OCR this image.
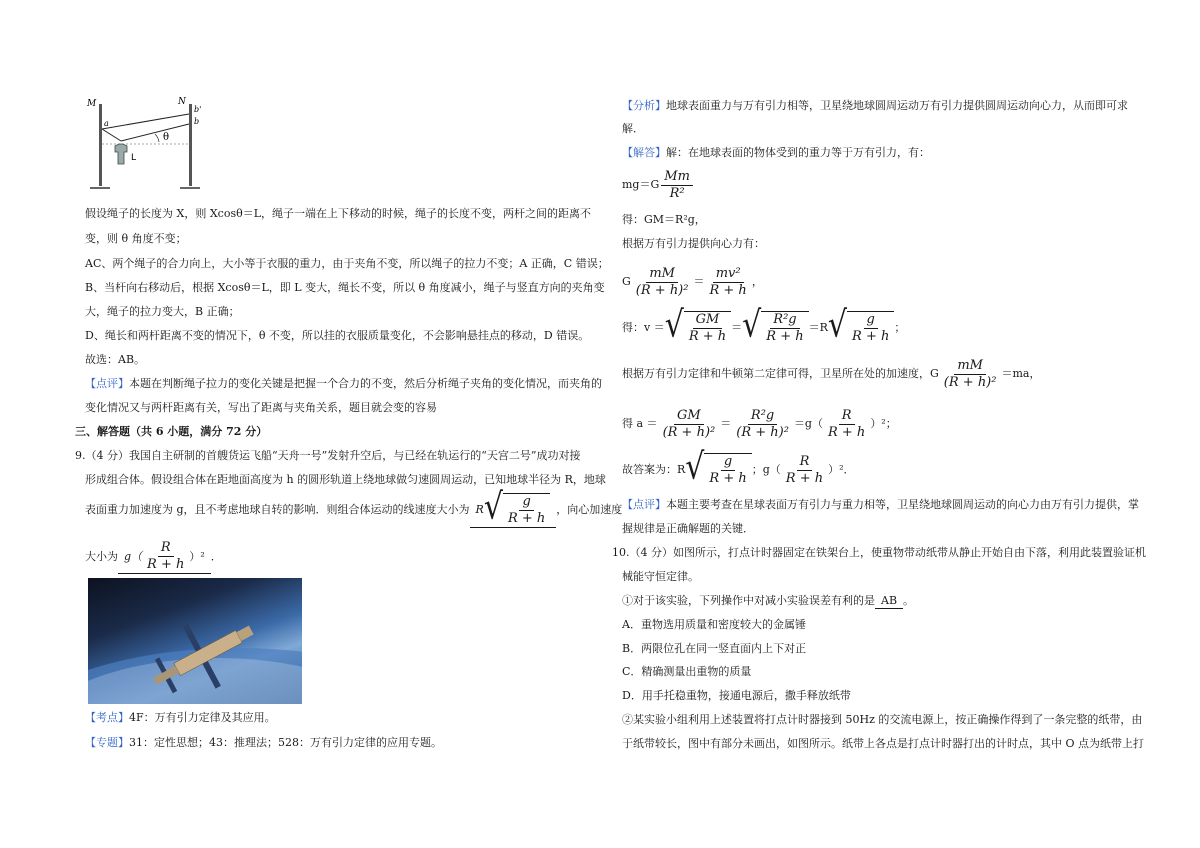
M	N
a
b'
b
θ
L
假设绳子的长度为 X，则 Xcosθ＝L，绳子一端在上下移动的时候，绳子的长度不变，两杆之间的距离不
变，则 θ 角度不变；
AC、两个绳子的合力向上，大小等于衣服的重力，由于夹角不变，所以绳子的拉力不变；A 正确，C 错误；
B、当杆向右移动后，根据 Xcosθ＝L，即 L 变大，绳长不变，所以 θ 角度减小，绳子与竖直方向的夹角变
大，绳子的拉力变大，B 正确；
D、绳长和两杆距离不变的情况下，θ 不变，所以挂的衣服质量变化，不会影响悬挂点的移动，D 错误。
故选：AB。
【点评】本题在判断绳子拉力的变化关键是把握一个合力的不变，然后分析绳子夹角的变化情况，而夹角的
变化情况又与两杆距离有关，写出了距离与夹角关系，题目就会变的容易
三、解答题（共 6 小题，满分 72 分）
9.（4 分）我国自主研制的首艘货运飞船“天舟一号”发射升空后，与已经在轨运行的“天宫二号”成功对接
形成组合体。假设组合体在距地面高度为 h 的圆形轨道上绕地球做匀速圆周运动，已知地球半径为 R，地球
表面重力加速度为 g，且不考虑地球自转的影响．则组合体运动的线速度大小为 R √ $\frac{g}{R + h}$ ，向心加速度
大小为 $g( \frac{R}{R + h} )^2$ ．
【考点】4F：万有引力定律及其应用。
【专题】31：定性思想；43：推理法；528：万有引力定律的应用专题。
【分析】地球表面重力与万有引力相等，卫星绕地球圆周运动万有引力提供圆周运动向心力，从而即可求
解．
【解答】解：在地球表面的物体受到的重力等于万有引力，有：
$mg=G \frac{Mm}{\text{R²}}$
得：GM＝R²g，
根据万有引力提供向心力有：
G $\frac{mM}{\text{(R + h)²}} = \frac{\text{mv²}}{R + h}$ ，
得：v ＝ √ $\frac{GM}{R + h}$ ＝ √ $\frac{\text{R²g}}{R + h} =R$ √ $\frac{g}{R + h}$ ；
根据万有引力定律和牛顿第二定律可得，卫星所在处的加速度，G $\frac{mM}{\text{(R + h)²}} =ma$，
得 $a = \frac{GM}{\text{(R + h)²}} = \frac{\text{R²g}}{\text{(R + h)²}} =g( \frac{R}{R + h} )^2$；
故答案为：R √ $\frac{g}{R + h}$ ；$g( \frac{R}{R + h} )^2$．
【点评】本题主要考查在星球表面万有引力与重力相等，卫星绕地球圆周运动的向心力由万有引力提供，掌
握规律是正确解题的关键．
10.（4 分）如图所示，打点计时器固定在铁架台上，使重物带动纸带从静止开始自由下落，利用此装置验证机
械能守恒定律。
①对于该实验，下列操作中对减小实验误差有利的是 AB 。
A．重物选用质量和密度较大的金属锤
B．两限位孔在同一竖直面内上下对正
C．精确测量出重物的质量
D．用手托稳重物，接通电源后，撒手释放纸带
②某实验小组利用上述装置将打点计时器接到 50Hz 的交流电源上，按正确操作得到了一条完整的纸带，由
于纸带较长，图中有部分未画出，如图所示。纸带上各点是打点计时器打出的计时点，其中 O 点为纸带上打
